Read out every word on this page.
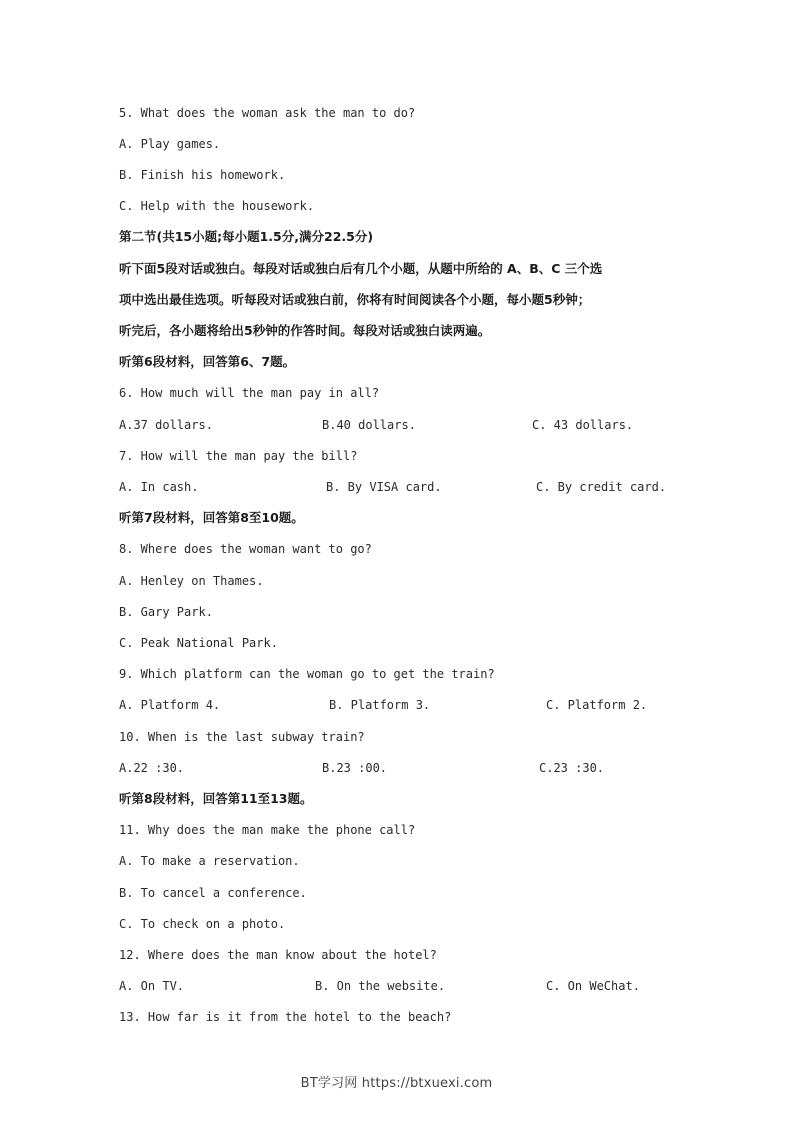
5. What does the woman ask the man to do?
A. Play games.
B. Finish his homework.
C. Help with the housework.
第二节(共15小题;每小题1.5分,满分22.5分)
听下面5段对话或独白。每段对话或独白后有几个小题，从题中所给的 A、B、C 三个选
项中选出最佳选项。听每段对话或独白前，你将有时间阅读各个小题，每小题5秒钟；
听完后，各小题将给出5秒钟的作答时间。每段对话或独白读两遍。
听第6段材料，回答第6、7题。
6. How much will the man pay in all?
A.37 dollars.	B.40 dollars.	C. 43 dollars.
7. How will the man pay the bill?
A. In cash.	B. By VISA card.	C. By credit card.
听第7段材料，回答第8至10题。
8. Where does the woman want to go?
A. Henley on Thames.
B. Gary Park.
C. Peak National Park.
9. Which platform can the woman go to get the train?
A. Platform 4.	B. Platform 3.	C. Platform 2.
10. When is the last subway train?
A.22 :30.	B.23 :00.	C.23 :30.
听第8段材料，回答第11至13题。
11. Why does the man make the phone call?
A. To make a reservation.
B. To cancel a conference.
C. To check on a photo.
12. Where does the man know about the hotel?
A. On TV.	B. On the website.	C. On WeChat.
13. How far is it from the hotel to the beach?
BT学习网 https://btxuexi.com
